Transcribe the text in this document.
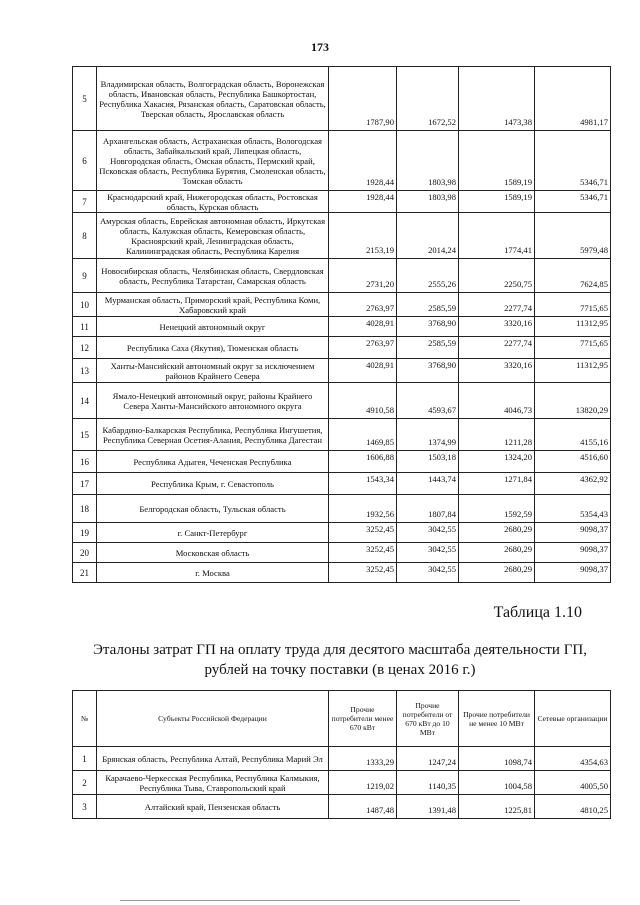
173
5	Владимирская область, Волгоградская область, Воронежская область, Ивановская область, Республика Башкортостан, Республика Хакасия, Рязанская область, Саратовская область, Тверская область, Ярославская область	1787,90	1672,52	1473,38	4981,17
6	Архангельская область, Астраханская область, Вологодская область, Забайкальский край, Липецкая область, Новгородская область, Омская область, Пермский край, Псковская область, Республика Бурятия, Смоленская область, Томская область	1928,44	1803,98	1589,19	5346,71
7	Краснодарский край, Нижегородская область, Ростовская область, Курская область	1928,44	1803,98	1589,19	5346,71
8	Амурская область, Еврейская автономная область, Иркутская область, Калужская область, Кемеровская область, Красноярский край, Ленинградская область, Калининградская область, Республика Карелия	2153,19	2014,24	1774,41	5979,48
9	Новосибирская область, Челябинская область, Свердловская область, Республика Татарстан, Самарская область	2731,20	2555,26	2250,75	7624,85
10	Мурманская область, Приморский край, Республика Коми, Хабаровский край	2763,97	2585,59	2277,74	7715,65
11	Ненецкий автономный округ	4028,91	3768,90	3320,16	11312,95
12	Республика Саха (Якутия), Тюменская область	2763,97	2585,59	2277,74	7715,65
13	Ханты-Мансийский автономный округ за исключением районов Крайнего Севера	4028,91	3768,90	3320,16	11312,95
14	Ямало-Ненецкий автономный округ, районы Крайнего Севера Ханты-Мансийского автономного округа	4910,58	4593,67	4046,73	13820,29
15	Кабардино-Балкарская Республика, Республика Ингушетия, Республика Северная Осетия-Алания, Республика Дагестан	1469,85	1374,99	1211,28	4155,16
16	Республика Адыгея, Чеченская Республика	1606,88	1503,18	1324,20	4516,60
17	Республика Крым, г. Севастополь	1543,34	1443,74	1271,84	4362,92
18	Белгородская область, Тульская область	1932,56	1807,84	1592,59	5354,43
19	г. Санкт-Петербург	3252,45	3042,55	2680,29	9098,37
20	Московская область	3252,45	3042,55	2680,29	9098,37
21	г. Москва	3252,45	3042,55	2680,29	9098,37
Таблица 1.10
Эталоны затрат ГП на оплату труда для десятого масштаба деятельности ГП, рублей на точку поставки (в ценах 2016 г.)
№	Субъекты Российской Федерации	Прочие потребители менее 670 кВт	Прочие потребители от 670 кВт до 10 МВт	Прочие потребители не менее 10 МВт	Сетевые организации
1	Брянская область, Республика Алтай, Республика Марий Эл	1333,29	1247,24	1098,74	4354,63
2	Карачаево-Черкесская Республика, Республика Калмыкия, Республика Тыва, Ставропольский край	1219,02	1140,35	1004,58	4005,50
3	Алтайский край, Пензенская область	1487,48	1391,48	1225,81	4810,25
